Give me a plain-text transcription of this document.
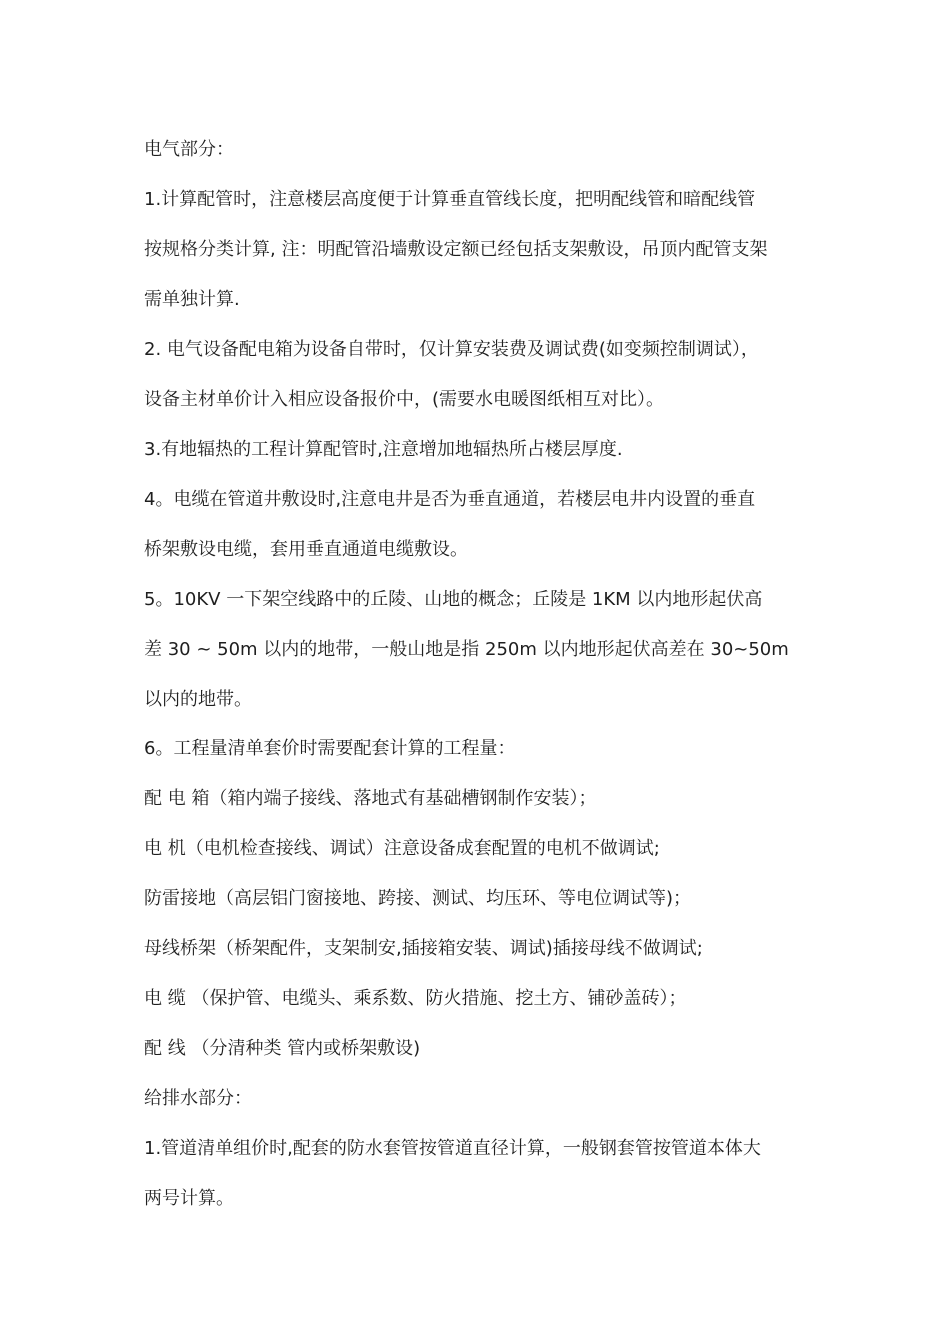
电气部分：

1.计算配管时，注意楼层高度便于计算垂直管线长度，把明配线管和暗配线管

按规格分类计算, 注：明配管沿墙敷设定额已经包括支架敷设，吊顶内配管支架

需单独计算.

2. 电气设备配电箱为设备自带时，仅计算安装费及调试费(如变频控制调试），

设备主材单价计入相应设备报价中，(需要水电暖图纸相互对比）。

3.有地辐热的工程计算配管时,注意增加地辐热所占楼层厚度.

4。电缆在管道井敷设时,注意电井是否为垂直通道，若楼层电井内设置的垂直

桥架敷设电缆，套用垂直通道电缆敷设。

5。10KV 一下架空线路中的丘陵、山地的概念；丘陵是 1KM 以内地形起伏高

差 30 ~ 50m 以内的地带，一般山地是指 250m 以内地形起伏高差在 30~50m

以内的地带。

6。工程量清单套价时需要配套计算的工程量：

配 电 箱（箱内端子接线、落地式有基础槽钢制作安装）；

电 机（电机检查接线、调试）注意设备成套配置的电机不做调试;

防雷接地（高层铝门窗接地、跨接、测试、均压环、等电位调试等)；

母线桥架（桥架配件，支架制安,插接箱安装、调试)插接母线不做调试;

电 缆 （保护管、电缆头、乘系数、防火措施、挖土方、铺砂盖砖）；

配 线 （分清种类 管内或桥架敷设)

给排水部分：

1.管道清单组价时,配套的防水套管按管道直径计算，一般钢套管按管道本体大

两号计算。
